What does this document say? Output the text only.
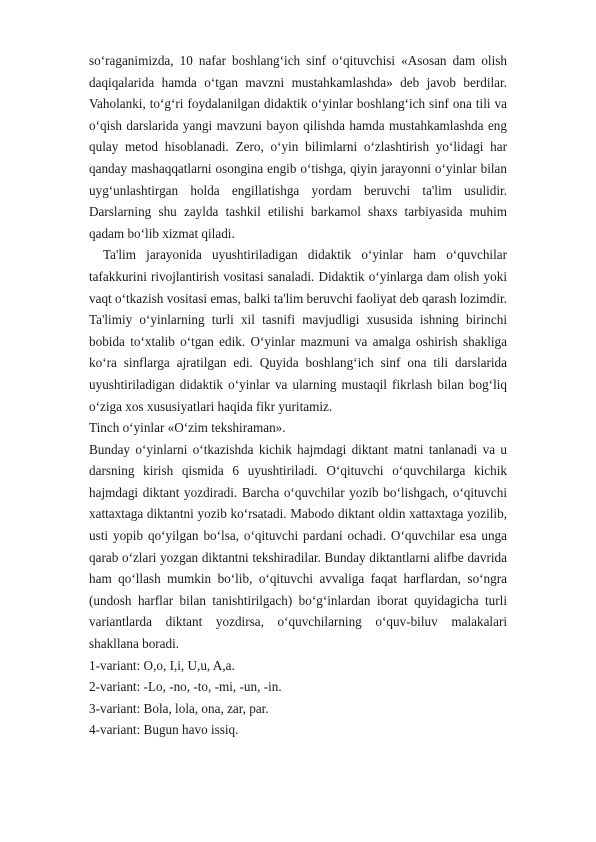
so‘raganimizda, 10 nafar boshlang‘ich sinf o‘qituvchisi «Asosan dam olish daqiqalarida hamda o‘tgan mavzni mustahkamlashda» deb javob berdilar. Vaholanki, to‘g‘ri foydalanilgan didaktik o‘yinlar boshlang‘ich sinf ona tili va o‘qish darslarida yangi mavzuni bayon qilishda hamda mustahkamlashda eng qulay metod hisoblanadi. Zero, o‘yin bilimlarni o‘zlashtirish yo‘lidagi har qanday mashaqqatlarni osongina engib o‘tishga, qiyin jarayonni o‘yinlar bilan uyg‘unlashtirgan holda engillatishga yordam beruvchi ta'lim usulidir. Darslarning shu zaylda tashkil etilishi barkamol shaxs tarbiyasida muhim qadam bo‘lib xizmat qiladi.

Ta'lim jarayonida uyushtiriladigan didaktik o‘yinlar ham o‘quvchilar tafakkurini rivojlantirish vositasi sanaladi. Didaktik o‘yinlarga dam olish yoki vaqt o‘tkazish vositasi emas, balki ta'lim beruvchi faoliyat deb qarash lozimdir. Ta'limiy o‘yinlarning turli xil tasnifi mavjudligi xususida ishning birinchi bobida to‘xtalib o‘tgan edik. O‘yinlar mazmuni va amalga oshirish shakliga ko‘ra sinflarga ajratilgan edi. Quyida boshlang‘ich sinf ona tili darslarida uyushtiriladigan didaktik o‘yinlar va ularning mustaqil fikrlash bilan bog‘liq o‘ziga xos xususiyatlari haqida fikr yuritamiz.

Tinch o‘yinlar «O‘zim tekshiraman».

Bunday o‘yinlarni o‘tkazishda kichik hajmdagi diktant matni tanlanadi va u darsning kirish qismida 6 uyushtiriladi. O‘qituvchi o‘quvchilarga kichik hajmdagi diktant yozdiradi. Barcha o‘quvchilar yozib bo‘lishgach, o‘qituvchi xattaxtaga diktantni yozib ko‘rsatadi. Mabodo diktant oldin xattaxtaga yozilib, usti yopib qo‘yilgan bo‘lsa, o‘qituvchi pardani ochadi. O‘quvchilar esa unga qarab o‘zlari yozgan diktantni tekshiradilar. Bunday diktantlarni alifbe davrida ham qo‘llash mumkin bo‘lib, o‘qituvchi avvaliga faqat harflardan, so‘ngra (undosh harflar bilan tanishtirilgach) bo‘g‘inlardan iborat quyidagicha turli variantlarda diktant yozdirsa, o‘quvchilarning o‘quv-biluv malakalari shakllana boradi.

1-variant: O,o, I,i, U,u, A,a.

2-variant: -Lo, -no, -to, -mi, -un, -in.

3-variant: Bola, lola, ona, zar, par.

4-variant: Bugun havo issiq.
